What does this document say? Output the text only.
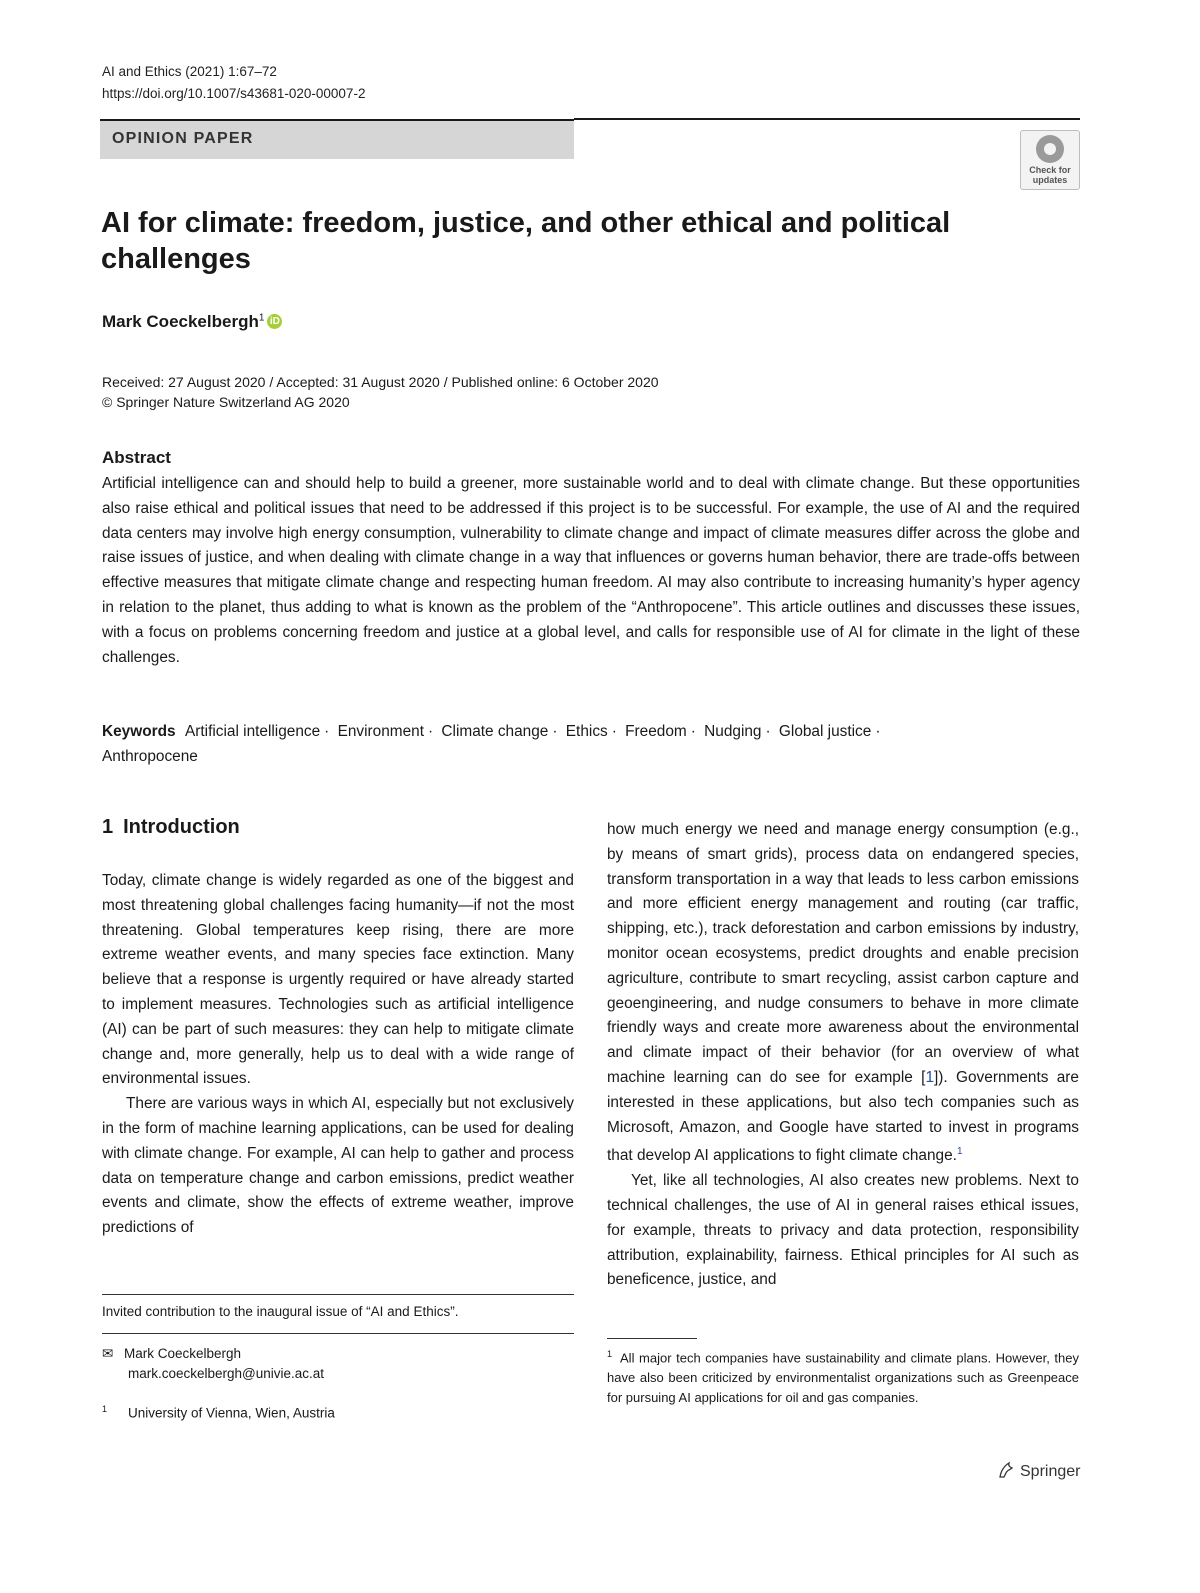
AI and Ethics (2021) 1:67–72
https://doi.org/10.1007/s43681-020-00007-2
OPINION PAPER
Check for updates
AI for climate: freedom, justice, and other ethical and political challenges
Mark Coeckelbergh$^1$ iD
Received: 27 August 2020 / Accepted: 31 August 2020 / Published online: 6 October 2020
© Springer Nature Switzerland AG 2020
Abstract
Artificial intelligence can and should help to build a greener, more sustainable world and to deal with climate change. But these opportunities also raise ethical and political issues that need to be addressed if this project is to be successful. For example, the use of AI and the required data centers may involve high energy consumption, vulnerability to climate change and impact of climate measures differ across the globe and raise issues of justice, and when dealing with climate change in a way that influences or governs human behavior, there are trade-offs between effective measures that mitigate climate change and respecting human freedom. AI may also contribute to increasing humanity’s hyper agency in relation to the planet, thus adding to what is known as the problem of the “Anthropocene”. This article outlines and discusses these issues, with a focus on problems concerning freedom and justice at a global level, and calls for responsible use of AI for climate in the light of these challenges.
Keywords Artificial intelligence · Environment · Climate change · Ethics · Freedom · Nudging · Global justice ·
Anthropocene
1 Introduction

Today, climate change is widely regarded as one of the biggest and most threatening global challenges facing humanity—if not the most threatening. Global temperatures keep rising, there are more extreme weather events, and many species face extinction. Many believe that a response is urgently required or have already started to implement measures. Technologies such as artificial intelligence (AI) can be part of such measures: they can help to mitigate climate change and, more generally, help us to deal with a wide range of environmental issues.

There are various ways in which AI, especially but not exclusively in the form of machine learning applications, can be used for dealing with climate change. For example, AI can help to gather and process data on temperature change and carbon emissions, predict weather events and climate, show the effects of extreme weather, improve predictions of

how much energy we need and manage energy consumption (e.g., by means of smart grids), process data on endangered species, transform transportation in a way that leads to less carbon emissions and more efficient energy management and routing (car traffic, shipping, etc.), track deforestation and carbon emissions by industry, monitor ocean ecosystems, predict droughts and enable precision agriculture, contribute to smart recycling, assist carbon capture and geoengineering, and nudge consumers to behave in more climate friendly ways and create more awareness about the environmental and climate impact of their behavior (for an overview of what machine learning can do see for example [1]). Governments are interested in these applications, but also tech companies such as Microsoft, Amazon, and Google have started to invest in programs that develop AI applications to fight climate change.$^1$

Yet, like all technologies, AI also creates new problems. Next to technical challenges, the use of AI in general raises ethical issues, for example, threats to privacy and data protection, responsibility attribution, explainability, fairness. Ethical principles for AI such as beneficence, justice, and

Invited contribution to the inaugural issue of “AI and Ethics”.
✉ Mark Coeckelbergh
mark.coeckelbergh@univie.ac.at
$^1$ University of Vienna, Wien, Austria
$^1$ All major tech companies have sustainability and climate plans. However, they have also been criticized by environmentalist organizations such as Greenpeace for pursuing AI applications for oil and gas companies.
Springer
